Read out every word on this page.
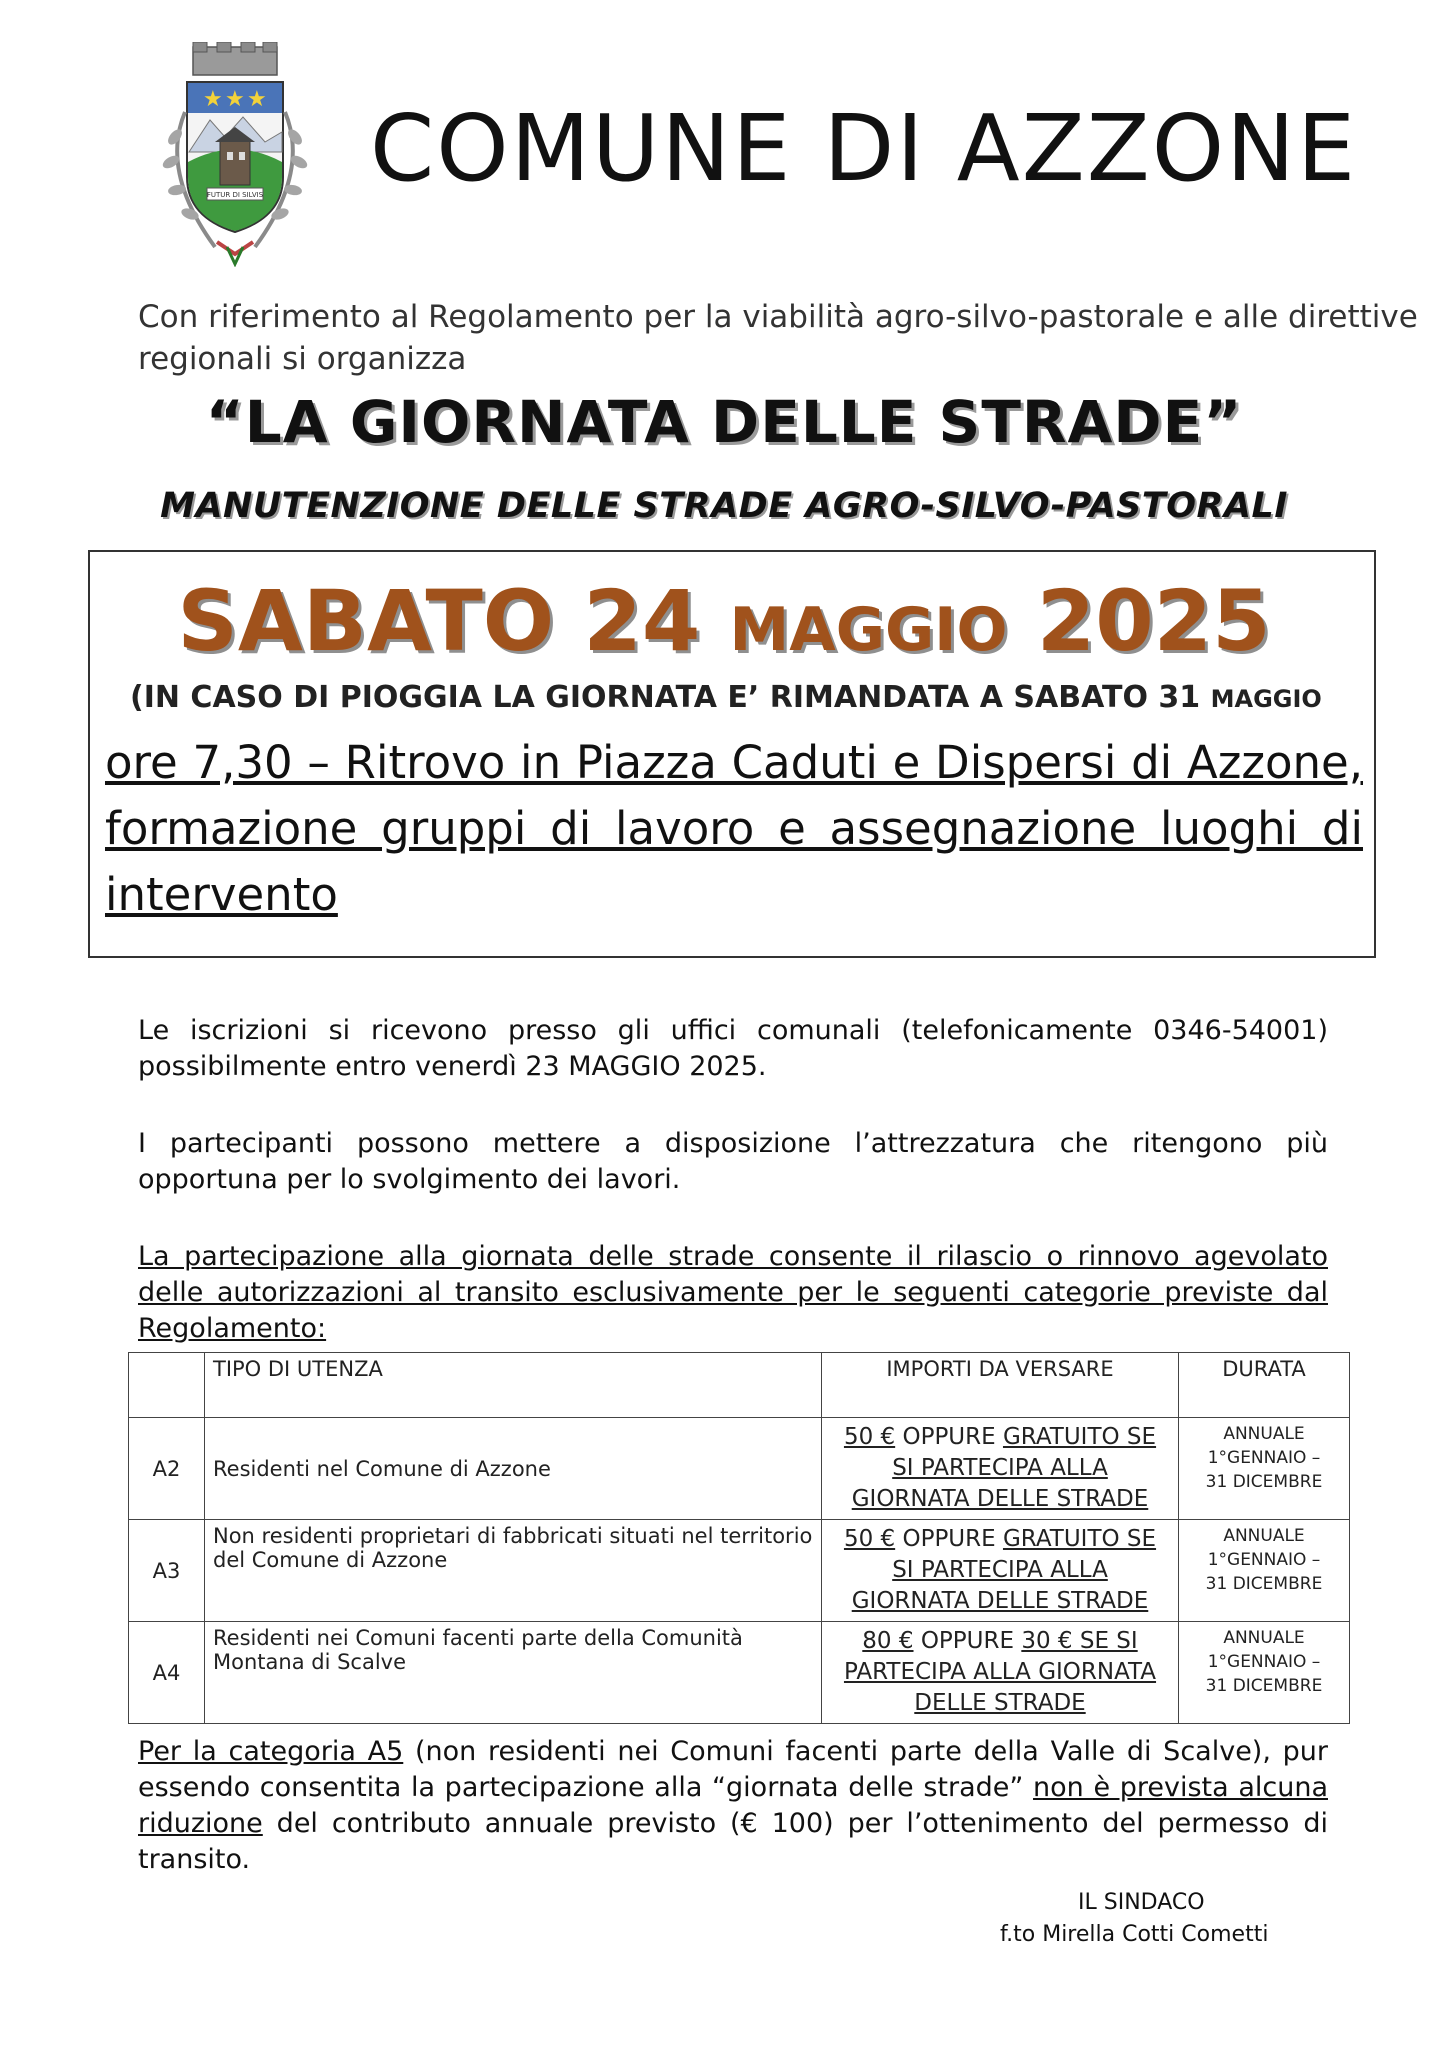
★ ★ ★
FUTUR DI SILVIS COMUNE DI AZZONE
Con riferimento al Regolamento per la viabilità agro-silvo-pastorale e alle direttive
regionali si organizza
“LA GIORNATA DELLE STRADE”
MANUTENZIONE DELLE STRADE AGRO-SILVO-PASTORALI
SABATO 24 MAGGIO 2025
(IN CASO DI PIOGGIA LA GIORNATA E’ RIMANDATA A SABATO 31 MAGGIO
ore 7,30 – Ritrovo in Piazza Caduti e Dispersi di Azzone, formazione gruppi di lavoro e assegnazione luoghi di intervento
Le iscrizioni si ricevono presso gli uffici comunali (telefonicamente 0346-54001) possibilmente entro venerdì 23 MAGGIO 2025.
I partecipanti possono mettere a disposizione l’attrezzatura che ritengono più opportuna per lo svolgimento dei lavori.
La partecipazione alla giornata delle strade consente il rilascio o rinnovo agevolato delle autorizzazioni al transito esclusivamente per le seguenti categorie previste dal Regolamento:
	TIPO DI UTENZA	IMPORTI DA VERSARE	DURATA
A2	Residenti nel Comune di Azzone	50 € OPPURE GRATUITO SE SI PARTECIPA ALLA GIORNATA DELLE STRADE	ANNUALE
1°GENNAIO –
31 DICEMBRE

A3	Non residenti proprietari di fabbricati situati nel territorio del Comune di Azzone	50 € OPPURE GRATUITO SE SI PARTECIPA ALLA GIORNATA DELLE STRADE	ANNUALE
1°GENNAIO –
31 DICEMBRE

A4	Residenti nei Comuni facenti parte della Comunità Montana di Scalve	80 € OPPURE 30 € SE SI PARTECIPA ALLA GIORNATA DELLE STRADE	ANNUALE
1°GENNAIO –
31 DICEMBRE
Per la categoria A5 (non residenti nei Comuni facenti parte della Valle di Scalve), pur essendo consentita la partecipazione alla “giornata delle strade” non è prevista alcuna riduzione del contributo annuale previsto (€ 100) per l’ottenimento del permesso di transito.
IL SINDACO
f.to Mirella Cotti Cometti
